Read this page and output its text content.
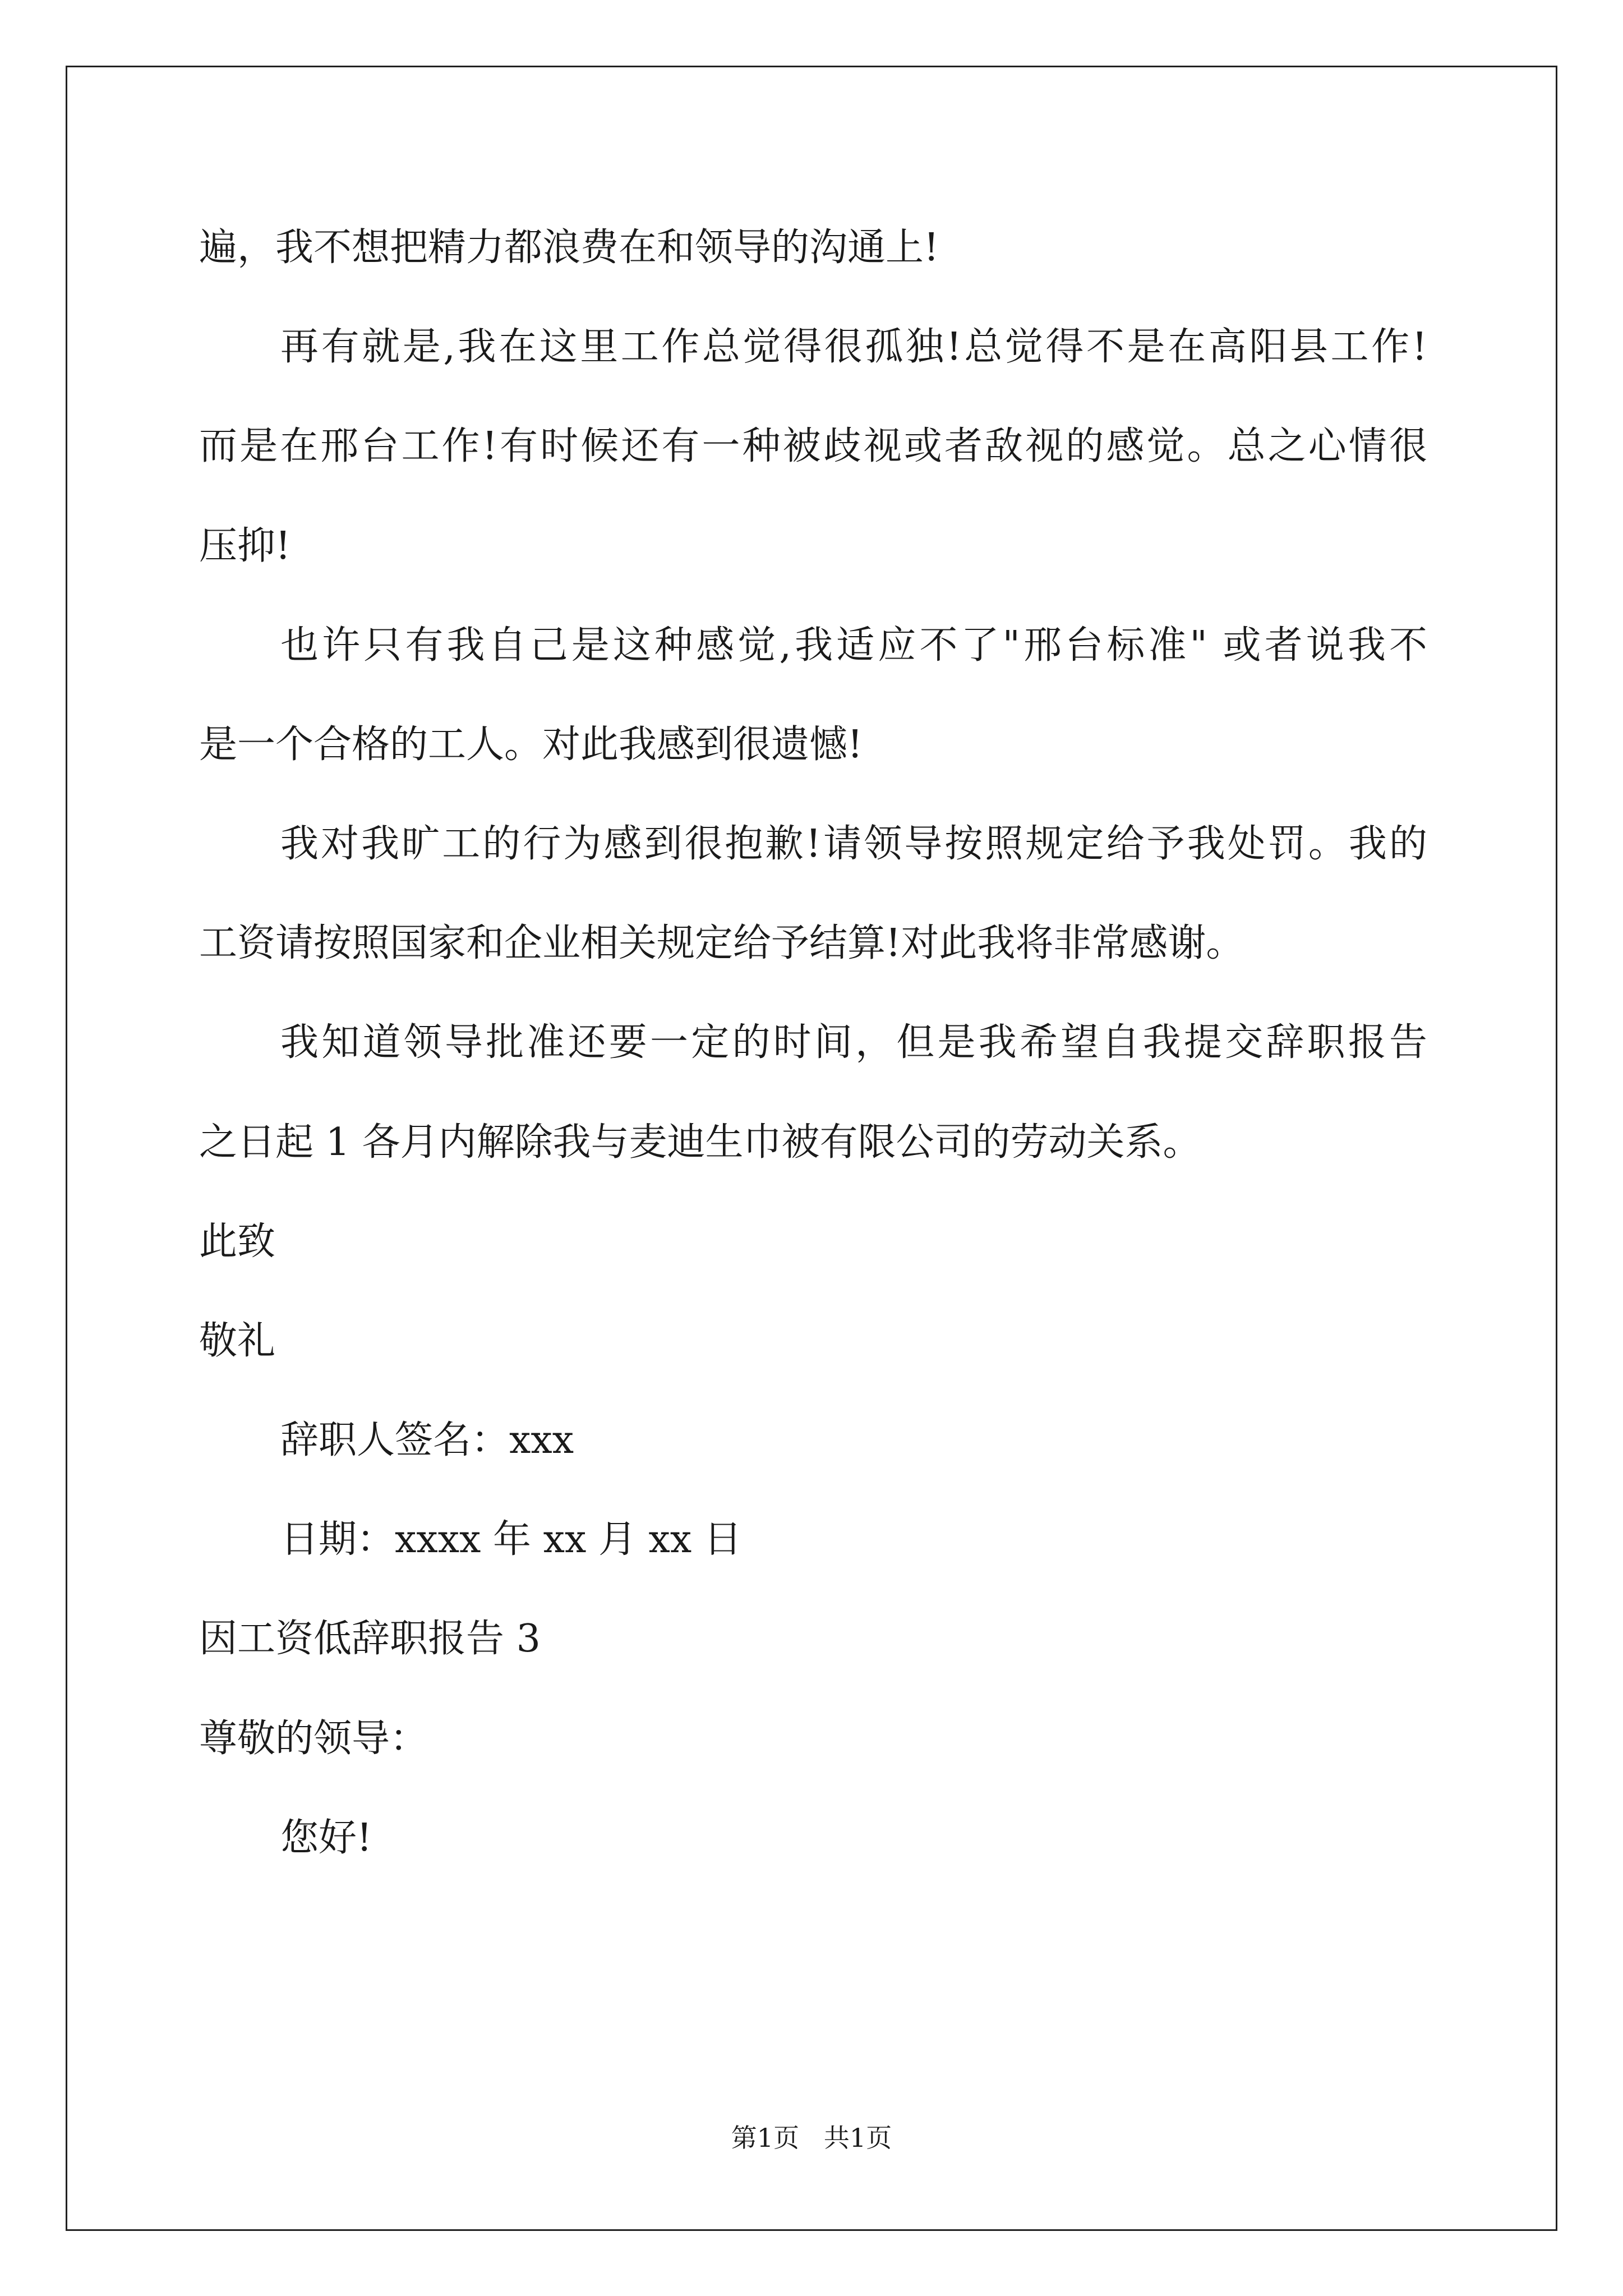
遍，我不想把精力都浪费在和领导的沟通上!
再有就是,我在这里工作总觉得很孤独!总觉得不是在高阳县工作!
而是在邢台工作!有时候还有一种被歧视或者敌视的感觉。总之心情很
压抑!
也许只有我自己是这种感觉,我适应不了"邢台标准" 或者说我不
是一个合格的工人。对此我感到很遗憾!
我对我旷工的行为感到很抱歉!请领导按照规定给予我处罚。我的
工资请按照国家和企业相关规定给予结算!对此我将非常感谢。
我知道领导批准还要一定的时间，但是我希望自我提交辞职报告
之日起 1 各月内解除我与麦迪生巾被有限公司的劳动关系。
此致
敬礼
辞职人签名：xxx
日期：xxxx 年 xx 月 xx 日
因工资低辞职报告 3
尊敬的领导：
您好!
第1页   共1页
